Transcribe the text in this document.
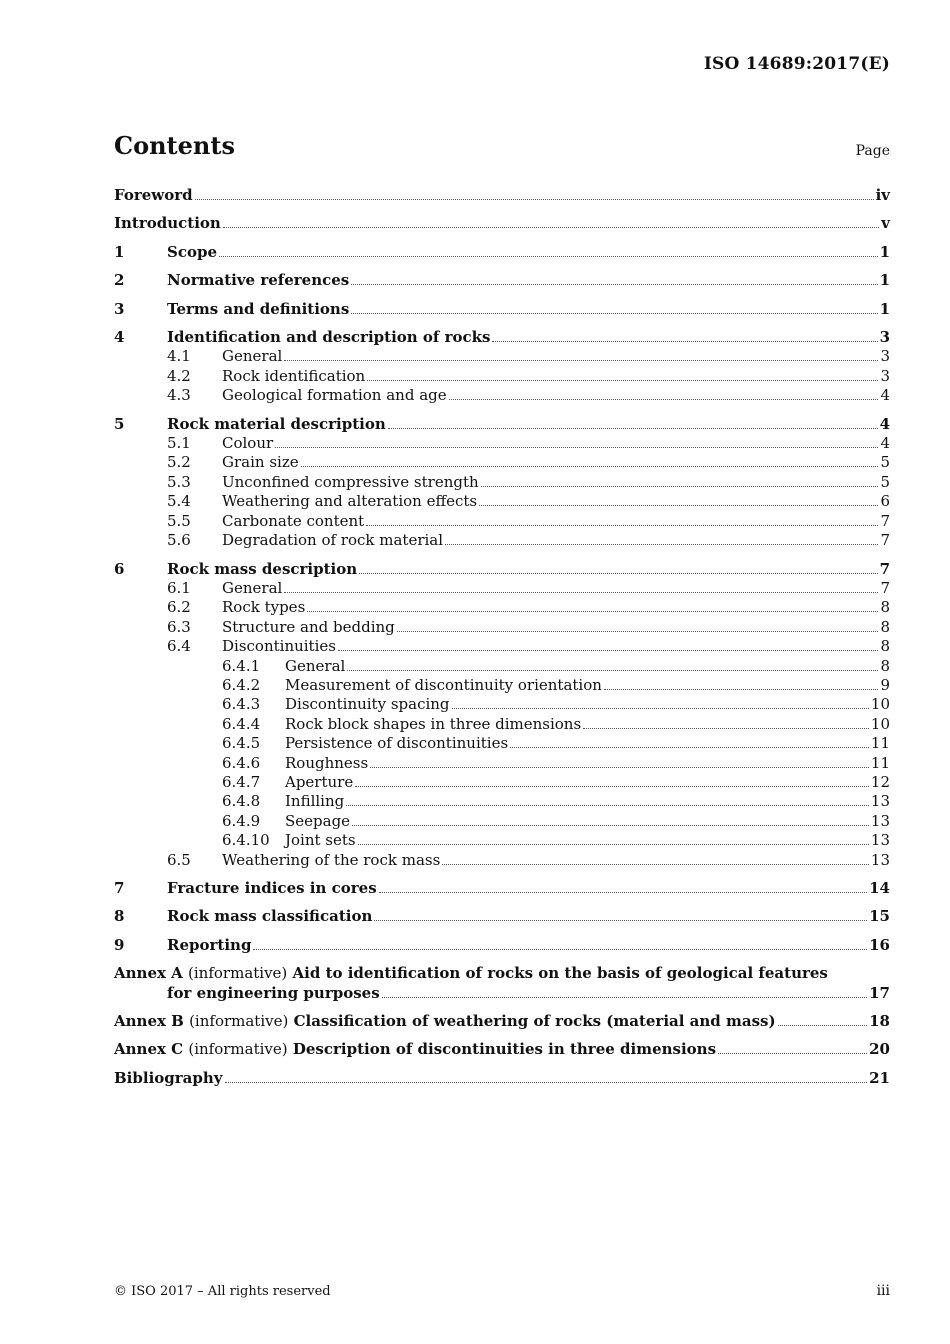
ISO 14689:2017(E)
Contents	Page
Foreword	iv
Introduction	v
1	Scope	1
2	Normative references	1
3	Terms and definitions	1
4	Identification and description of rocks	3
4.1	General	3
4.2	Rock identification	3
4.3	Geological formation and age	4
5	Rock material description	4
5.1	Colour	4
5.2	Grain size	5
5.3	Unconfined compressive strength	5
5.4	Weathering and alteration effects	6
5.5	Carbonate content	7
5.6	Degradation of rock material	7
6	Rock mass description	7
6.1	General	7
6.2	Rock types	8
6.3	Structure and bedding	8
6.4	Discontinuities	8
6.4.1	General	8
6.4.2	Measurement of discontinuity orientation	9
6.4.3	Discontinuity spacing	10
6.4.4	Rock block shapes in three dimensions	10
6.4.5	Persistence of discontinuities	11
6.4.6	Roughness	11
6.4.7	Aperture	12
6.4.8	Infilling	13
6.4.9	Seepage	13
6.4.10	Joint sets	13
6.5	Weathering of the rock mass	13
7	Fracture indices in cores	14
8	Rock mass classification	15
9	Reporting	16
Annex A (informative) Aid to identification of rocks on the basis of geological features
for engineering purposes	17
Annex B (informative) Classification of weathering of rocks (material and mass)	18
Annex C (informative) Description of discontinuities in three dimensions	20
Bibliography	21
© ISO 2017 – All rights reserved	iii
